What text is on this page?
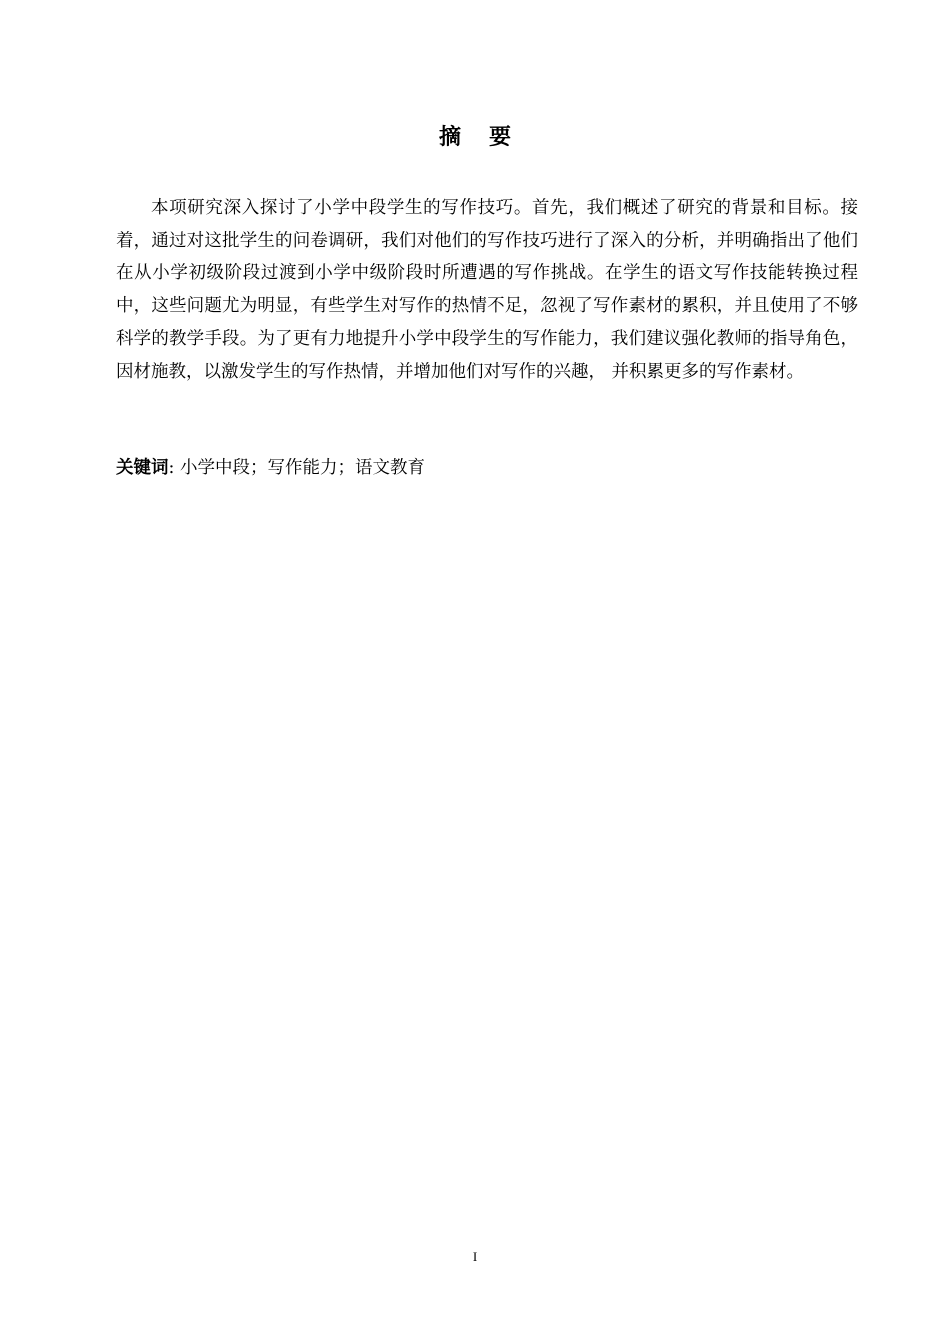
摘 要

本项研究深入探讨了小学中段学生的写作技巧。首先，我们概述了研究的背景和目标。接着，通过对这批学生的问卷调研，我们对他们的写作技巧进行了深入的分析，并明确指出了他们在从小学初级阶段过渡到小学中级阶段时所遭遇的写作挑战。在学生的语文写作技能转换过程中，这些问题尤为明显，有些学生对写作的热情不足，忽视了写作素材的累积，并且使用了不够科学的教学手段。为了更有力地提升小学中段学生的写作能力，我们建议强化教师的指导角色，因材施教，以激发学生的写作热情，并增加他们对写作的兴趣， 并积累更多的写作素材。

关键词: 小学中段；写作能力；语文教育

I
